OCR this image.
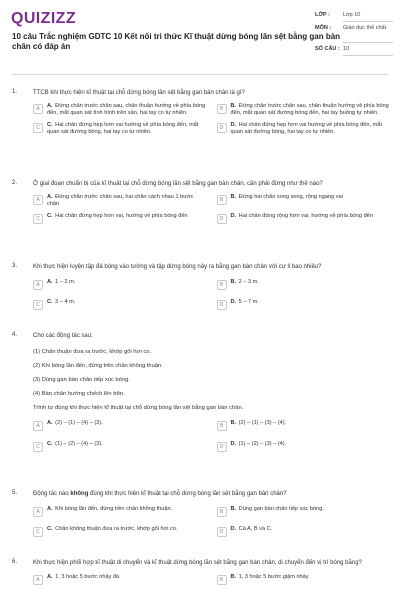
QUIZIZZ
10 câu Trắc nghiệm GDTC 10 Kết nối tri thức Kĩ thuật dừng bóng lăn sệt bằng gan bàn chân có đáp án
LỚP :	Lớp 10
MÔN :	Giáo dục thể chất
SỐ CÂU : 10
1.	TTCB khi thực hiện kĩ thuật tại chỗ dừng bóng lăn sệt bằng gan bàn chân là gì?
A	A. Đứng chân trước chân sau, chân thuận hướng về phía bóng đến, mắt quan sát tình hình trên sân, hai tay co tự nhiên.
B	B. Đứng chân trước chân sau, chân thuận hướng về phía bóng đến, mắt quan sát đường bóng đến, hai tay buông tự nhiên.
C	C. Hai chân đứng hẹp hơn vai hướng về phía bóng đến, mắt quan sát đường bóng, hai tay co tự nhiên.
D	D. Hai chân đứng hẹp hơn vai hướng về phía bóng đến, mắt quan sát đường bóng, hai tay co tự nhiên.
2.	Ở giai đoạn chuẩn bị của kĩ thuật tại chỗ dừng bóng lăn sệt bằng gan bàn chân, cần phải đứng như thế nào?
A	A. Đứng chân trước chân sau, hai chân cách nhau 1 bước chân
B	B. Đứng hai chân song song, rộng ngang vai
C	C. Hai chân đứng hẹp hơn vai, hướng về phía bóng đến	D	D. Hai chân đứng rộng hơn vai, hướng về phía bóng đến
3.	Khi thực hiện luyện tập đá bóng vào tường và tập dừng bóng nảy ra bằng gan bàn chân với cự li bao nhiêu?
A	A. 1 – 2 m.	B	B. 2 – 3 m.
C	C. 3 – 4 m.	D	D. 5 – 7 m.
4.	Cho các động tác sau:
(1) Chân thuận đưa ra trước, khớp gối hơi co.
(2) Khi bóng lăn đến, đứng trên chân không thuận.
(3) Dùng gan bàn chân tiếp xúc bóng.
(4) Bàn chân hướng chếch lên trên.
Trình tự đúng khi thực hiện kĩ thuật tại chỗ dừng bóng lăn sệt bằng gan bàn chân.
A	A. (2) – (1) – (4) – (3).	B	B. (2) – (1) – (3) – (4).
C	C. (1) – (2) – (4) – (3).	D	D. (1) – (2) – (3) – (4).
5.	Động tác nào không đúng khi thực hiện kĩ thuật tại chỗ dừng bóng lăn sệt bằng gan bàn chân?
A	A. Khi bóng lăn đến, đứng trên chân không thuận.	B	B. Dùng gan bàn chân tiếp xúc bóng.
C	C. Chân không thuận đưa ra trước, khớp gối hơi co.	D	D. Cả A, B và C.
6.	Khi thực hiện phối hợp kĩ thuật di chuyển và kĩ thuật dừng bóng lăn sệt bằng gan bàn chân, di chuyển đến vị trí bóng bằng?
A	A. 1, 3 hoặc 5 bước nhảy đà	B	B. 1, 3 hoặc 5 bước giậm nhảy
